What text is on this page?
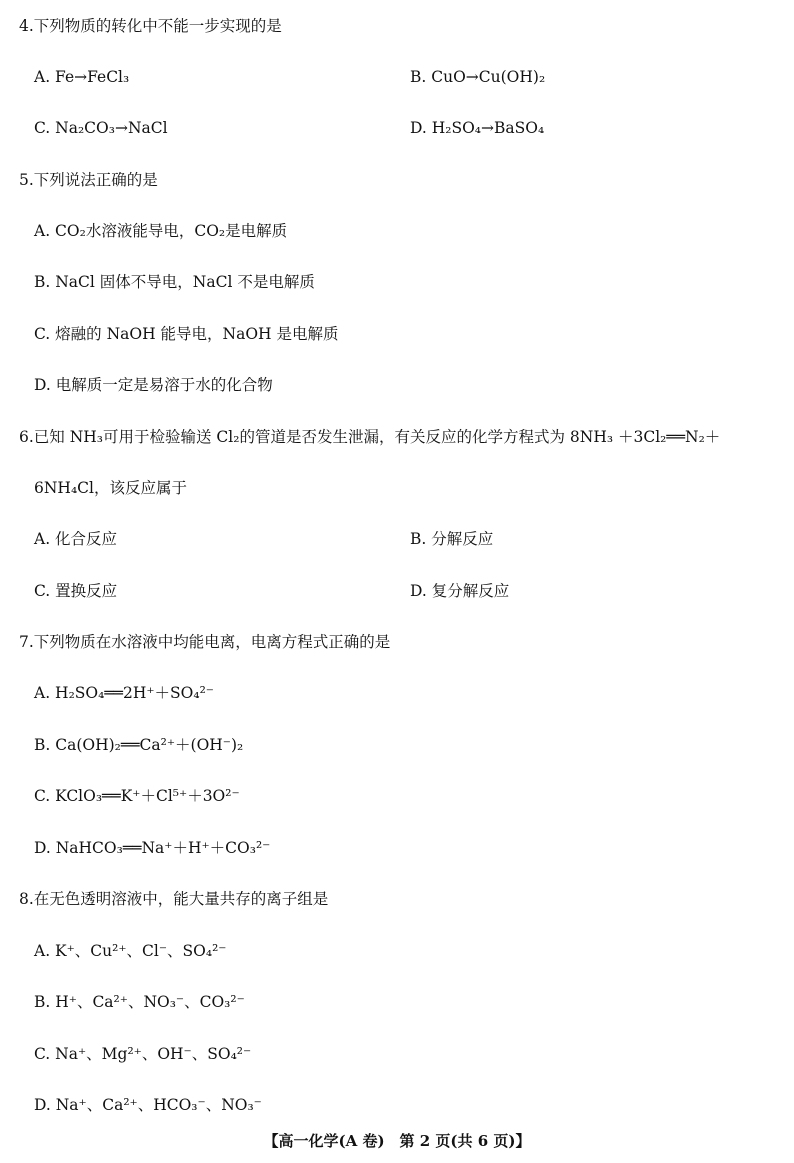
4.下列物质的转化中不能一步实现的是
A. Fe→FeCl₃	B. CuO→Cu(OH)₂
C. Na₂CO₃→NaCl	D. H₂SO₄→BaSO₄
5.下列说法正确的是
A. CO₂水溶液能导电，CO₂是电解质
B. NaCl 固体不导电，NaCl 不是电解质
C. 熔融的 NaOH 能导电，NaOH 是电解质
D. 电解质一定是易溶于水的化合物
6.已知 NH₃可用于检验输送 Cl₂的管道是否发生泄漏，有关反应的化学方程式为 8NH₃ ＋3Cl₂══N₂＋
6NH₄Cl，该反应属于
A. 化合反应	B. 分解反应
C. 置换反应	D. 复分解反应
7.下列物质在水溶液中均能电离，电离方程式正确的是
A. H₂SO₄══2H⁺＋SO₄²⁻
B. Ca(OH)₂══Ca²⁺＋(OH⁻)₂
C. KClO₃══K⁺＋Cl⁵⁺＋3O²⁻
D. NaHCO₃══Na⁺＋H⁺＋CO₃²⁻
8.在无色透明溶液中，能大量共存的离子组是
A. K⁺、Cu²⁺、Cl⁻、SO₄²⁻
B. H⁺、Ca²⁺、NO₃⁻、CO₃²⁻
C. Na⁺、Mg²⁺、OH⁻、SO₄²⁻
D. Na⁺、Ca²⁺、HCO₃⁻、NO₃⁻
【高一化学(A 卷)　第 2 页(共 6 页)】
